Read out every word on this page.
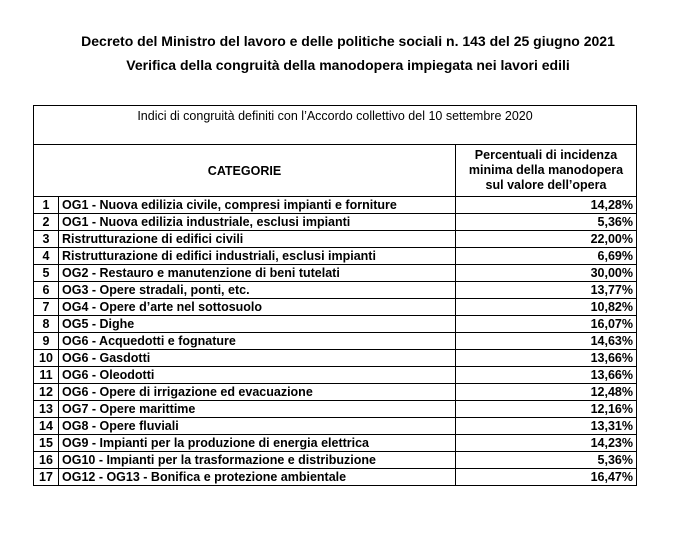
Decreto del Ministro del lavoro e delle politiche sociali n. 143 del 25 giugno 2021
Verifica della congruità della manodopera impiegata nei lavori edili
Indici di congruità definiti con l’Accordo collettivo del 10 settembre 2020		
CATEGORIE		Percentuali di incidenza minima della manodopera sul valore dell’opera
1	OG1 - Nuova edilizia civile, compresi impianti e forniture	14,28%
2	OG1 - Nuova edilizia industriale, esclusi impianti	5,36%
3	Ristrutturazione di edifici civili	22,00%
4	Ristrutturazione di edifici industriali, esclusi impianti	6,69%
5	OG2 - Restauro e manutenzione di beni tutelati	30,00%
6	OG3 - Opere stradali, ponti, etc.	13,77%
7	OG4 - Opere d’arte nel sottosuolo	10,82%
8	OG5 - Dighe	16,07%
9	OG6 - Acquedotti e fognature	14,63%
10	OG6 - Gasdotti	13,66%
11	OG6 - Oleodotti	13,66%
12	OG6 - Opere di irrigazione ed evacuazione	12,48%
13	OG7 - Opere marittime	12,16%
14	OG8 - Opere fluviali	13,31%
15	OG9 - Impianti per la produzione di energia elettrica	14,23%
16	OG10 - Impianti per la trasformazione e distribuzione	5,36%
17	OG12 - OG13 - Bonifica e protezione ambientale	16,47%
